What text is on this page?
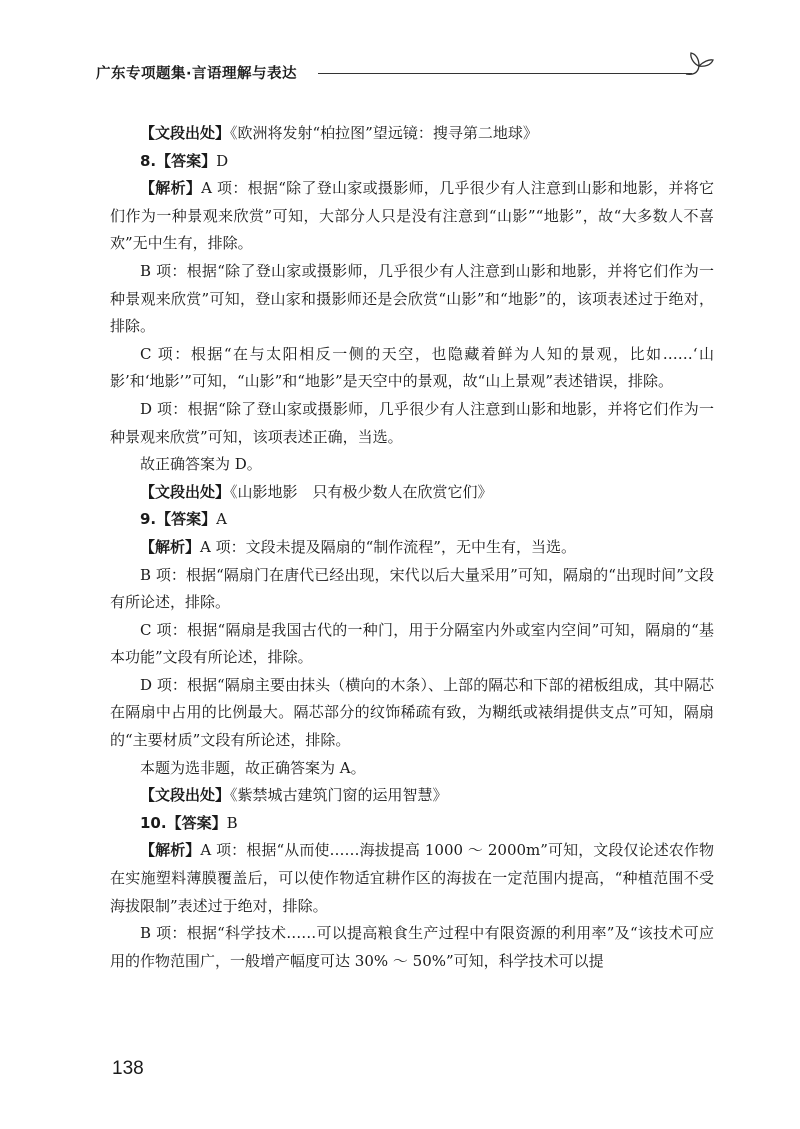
广东专项题集·言语理解与表达

【文段出处】《欧洲将发射“柏拉图”望远镜：搜寻第二地球》

8.【答案】D

【解析】A 项：根据“除了登山家或摄影师，几乎很少有人注意到山影和地影，并将它们作为一种景观来欣赏”可知，大部分人只是没有注意到“山影”“地影”，故“大多数人不喜欢”无中生有，排除。

B 项：根据“除了登山家或摄影师，几乎很少有人注意到山影和地影，并将它们作为一种景观来欣赏”可知，登山家和摄影师还是会欣赏“山影”和“地影”的，该项表述过于绝对，排除。

C 项：根据“在与太阳相反一侧的天空，也隐藏着鲜为人知的景观，比如……‘山影’和‘地影’”可知，“山影”和“地影”是天空中的景观，故“山上景观”表述错误，排除。

D 项：根据“除了登山家或摄影师，几乎很少有人注意到山影和地影，并将它们作为一种景观来欣赏”可知，该项表述正确，当选。

故正确答案为 D。

【文段出处】《山影地影　只有极少数人在欣赏它们》

9.【答案】A

【解析】A 项：文段未提及隔扇的“制作流程”，无中生有，当选。

B 项：根据“隔扇门在唐代已经出现，宋代以后大量采用”可知，隔扇的“出现时间”文段有所论述，排除。

C 项：根据“隔扇是我国古代的一种门，用于分隔室内外或室内空间”可知，隔扇的“基本功能”文段有所论述，排除。

D 项：根据“隔扇主要由抹头（横向的木条）、上部的隔芯和下部的裙板组成，其中隔芯在隔扇中占用的比例最大。隔芯部分的纹饰稀疏有致，为糊纸或裱绢提供支点”可知，隔扇的“主要材质”文段有所论述，排除。

本题为选非题，故正确答案为 A。

【文段出处】《紫禁城古建筑门窗的运用智慧》

10.【答案】B

【解析】A 项：根据“从而使……海拔提高 1000 ～ 2000m”可知，文段仅论述农作物在实施塑料薄膜覆盖后，可以使作物适宜耕作区的海拔在一定范围内提高，“种植范围不受海拔限制”表述过于绝对，排除。

B 项：根据“科学技术……可以提高粮食生产过程中有限资源的利用率”及“该技术可应用的作物范围广，一般增产幅度可达 30% ～ 50%”可知，科学技术可以提

138
